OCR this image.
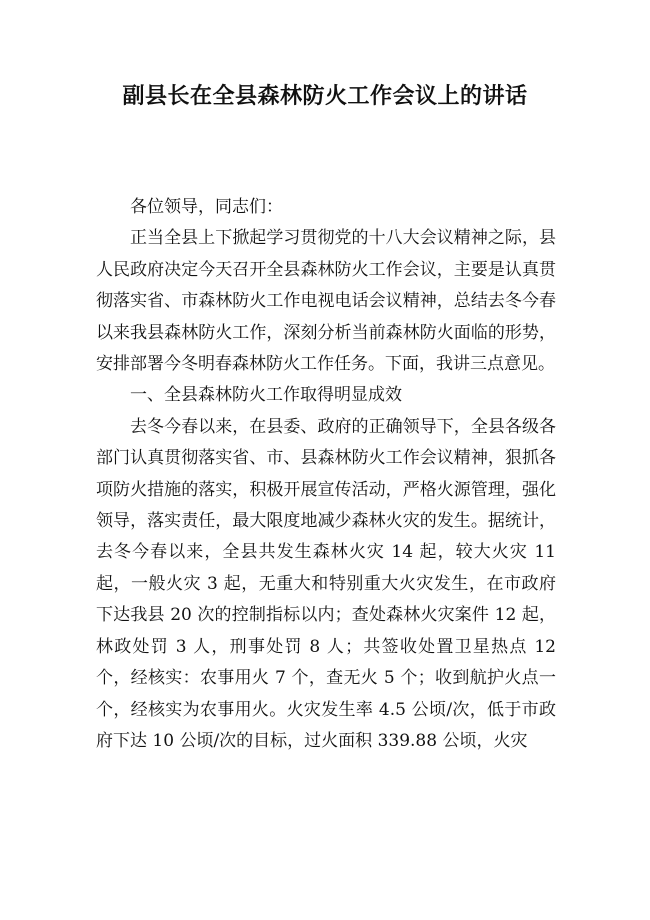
副县长在全县森林防火工作会议上的讲话

各位领导，同志们：

正当全县上下掀起学习贯彻党的十八大会议精神之际，县人民政府决定今天召开全县森林防火工作会议，主要是认真贯彻落实省、市森林防火工作电视电话会议精神，总结去冬今春以来我县森林防火工作，深刻分析当前森林防火面临的形势，安排部署今冬明春森林防火工作任务。下面，我讲三点意见。

一、全县森林防火工作取得明显成效

去冬今春以来，在县委、政府的正确领导下，全县各级各部门认真贯彻落实省、市、县森林防火工作会议精神，狠抓各项防火措施的落实，积极开展宣传活动，严格火源管理，强化领导，落实责任，最大限度地减少森林火灾的发生。据统计，去冬今春以来，全县共发生森林火灾 14 起，较大火灾 11 起，一般火灾 3 起，无重大和特别重大火灾发生，在市政府下达我县 20 次的控制指标以内；查处森林火灾案件 12 起，林政处罚 3 人，刑事处罚 8 人；共签收处置卫星热点 12 个，经核实：农事用火 7 个，查无火 5 个；收到航护火点一个，经核实为农事用火。火灾发生率 4.5 公顷/次，低于市政府下达 10 公顷/次的目标，过火面积 339.88 公顷，火灾
